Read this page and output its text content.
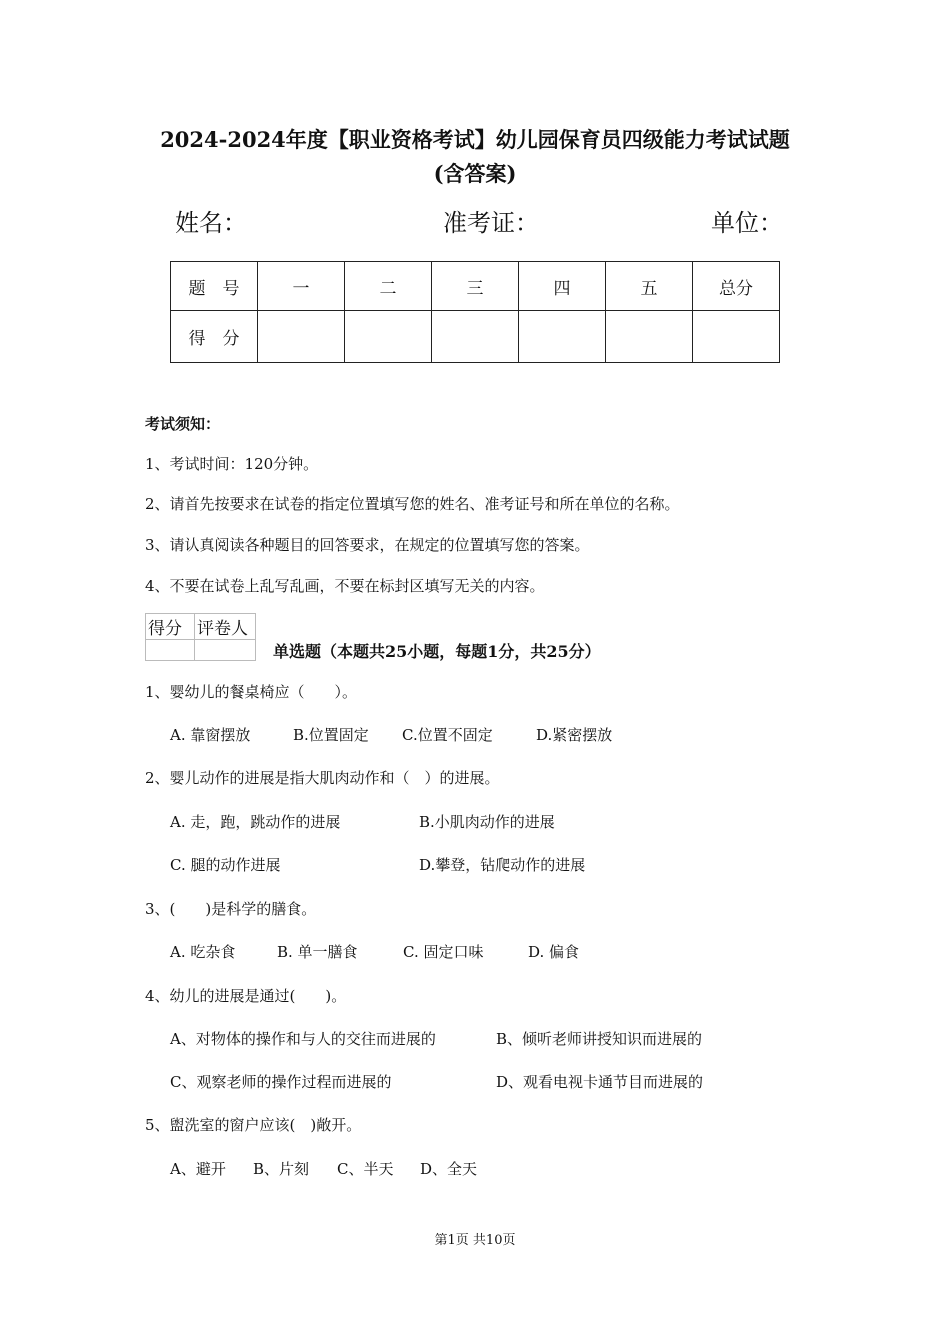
2024-2024年度【职业资格考试】幼儿园保育员四级能力考试试题
(含答案)
姓名：	准考证：	单位：
题　号	一	二	三	四	五	总分
得　分						
考试须知：
1、考试时间：120分钟。
2、请首先按要求在试卷的指定位置填写您的姓名、准考证号和所在单位的名称。
3、请认真阅读各种题目的回答要求，在规定的位置填写您的答案。
4、不要在试卷上乱写乱画，不要在标封区填写无关的内容。
得分	评卷人

单选题（本题共25小题，每题1分，共25分）
1、婴幼儿的餐桌椅应（　　）。
A. 靠窗摆放	B.位置固定 C.位置不固定	D.紧密摆放
2、婴儿动作的进展是指大肌肉动作和（　）的进展。
A. 走，跑，跳动作的进展	B.小肌肉动作的进展
C. 腿的动作进展	D.攀登，钻爬动作的进展
3、(　　)是科学的膳食。
A. 吃杂食	B. 单一膳食	C. 固定口味	D. 偏食
4、幼儿的进展是通过(　　)。
A、对物体的操作和与人的交往而进展的	B、倾听老师讲授知识而进展的
C、观察老师的操作过程而进展的	D、观看电视卡通节目而进展的
5、盥洗室的窗户应该(　)敞开。
A、避开 B、片刻 C、半天 D、全天
第1页 共10页
